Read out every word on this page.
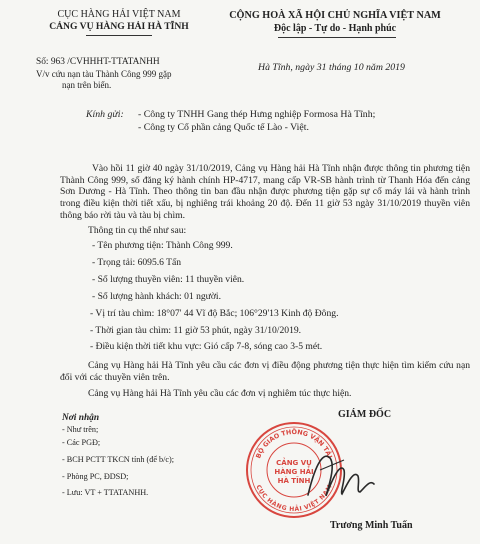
CỤC HÀNG HẢI VIỆT NAM
CẢNG VỤ HÀNG HẢI HÀ TĨNH
Số: 963 /CVHHHT-TTATANHH
V/v cứu nạn tàu Thành Công 999 gặp
nạn trên biển.
CỘNG HOÀ XÃ HỘI CHỦ NGHĨA VIỆT NAM
Độc lập - Tự do - Hạnh phúc
Hà Tĩnh, ngày 31 tháng 10 năm 2019
Kính gửi: - Công ty TNHH Gang thép Hưng nghiệp Formosa Hà Tĩnh;
- Công ty Cổ phần cảng Quốc tế Lào - Việt.
Vào hồi 11 giờ 40 ngày 31/10/2019, Cảng vụ Hàng hải Hà Tĩnh nhận được thông tin phương tiện Thành Công 999, số đăng ký hành chính HP-4717, mang cấp VR-SB hành trình từ Thanh Hóa đến cảng Sơn Dương - Hà Tĩnh. Theo thông tin ban đầu nhận được phương tiện gặp sự cố máy lái và hành trình trong điều kiện thời tiết xấu, bị nghiêng trái khoảng 20 độ. Đến 11 giờ 53 ngày 31/10/2019 thuyền viên thông báo rời tàu và tàu bị chìm.
Thông tin cụ thể như sau:
- Tên phương tiện: Thành Công 999.
- Trọng tải: 6095.6 Tấn
- Số lượng thuyền viên: 11 thuyền viên.
- Số lượng hành khách: 01 người.
- Vị trí tàu chìm: 18°07' 44 Vĩ độ Bắc; 106°29'13 Kinh độ Đông.
- Thời gian tàu chìm: 11 giờ 53 phút, ngày 31/10/2019.
- Điều kiện thời tiết khu vực: Gió cấp 7-8, sóng cao 3-5 mét.
Cảng vụ Hàng hải Hà Tĩnh yêu cầu các đơn vị điều động phương tiện thực hiện tìm kiếm cứu nạn đối với các thuyền viên trên.
Cảng vụ Hàng hải Hà Tĩnh yêu cầu các đơn vị nghiêm túc thực hiện.
Nơi nhận
- Như trên;
- Các PGĐ;
- BCH PCTT TKCN tỉnh (để b/c);
- Phòng PC, ĐDSD;
- Lưu: VT + TTATANHH.
GIÁM ĐỐC
BỘ GIAO THÔNG VẬN TẢI
CỤC HÀNG HẢI VIỆT NAM
CẢNG VỤ
HÀNG HẢI
HÀ TĨNH
Trương Minh Tuấn
